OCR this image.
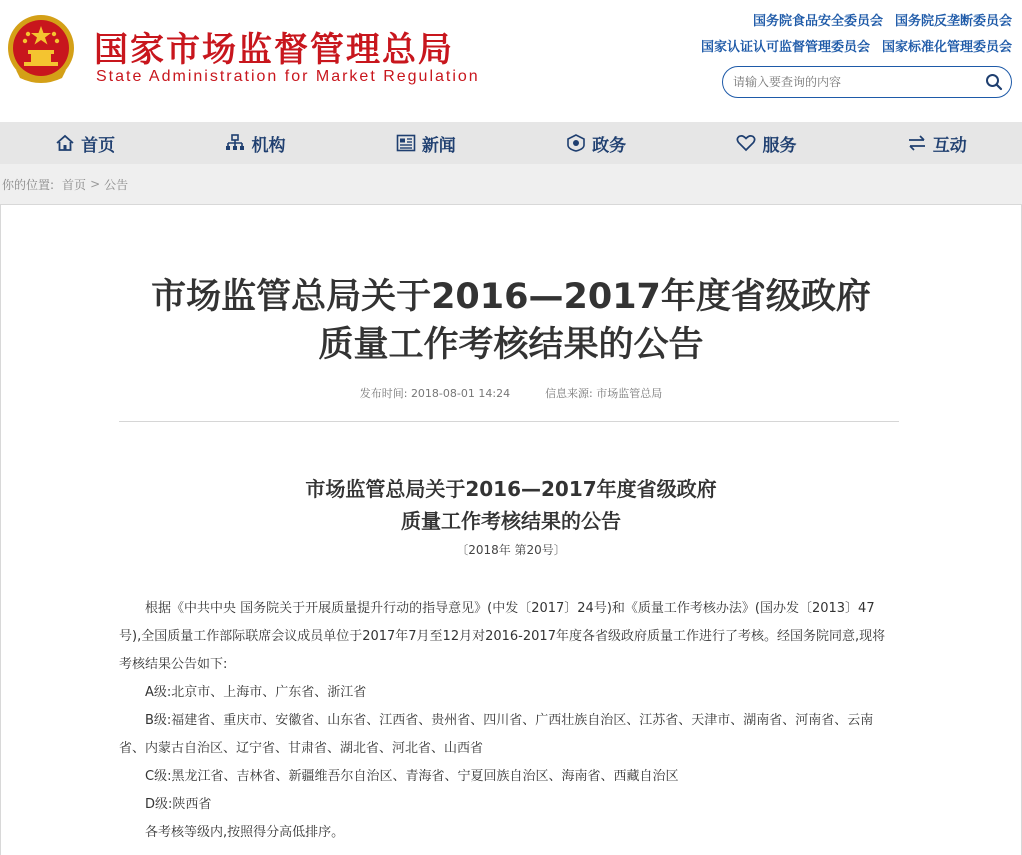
国家市场监督管理总局
State Administration for Market Regulation
国务院食品安全委员会 国务院反垄断委员会
国家认证认可监督管理委员会 国家标准化管理委员会
请输入要查询的内容
首页	机构	新闻	政务	服务	互动
你的位置: 首页 > 公告
市场监管总局关于2016—2017年度省级政府
质量工作考核结果的公告
发布时间: 2018-08-01 14:24	信息来源: 市场监管总局
市场监管总局关于2016—2017年度省级政府
质量工作考核结果的公告
〔2018年 第20号〕

根据《中共中央 国务院关于开展质量提升行动的指导意见》(中发〔2017〕24号)和《质量工作考核办法》(国办发〔2013〕47号),全国质量工作部际联席会议成员单位于2017年7月至12月对2016-2017年度各省级政府质量工作进行了考核。经国务院同意,现将考核结果公告如下:

A级:北京市、上海市、广东省、浙江省

B级:福建省、重庆市、安徽省、山东省、江西省、贵州省、四川省、广西壮族自治区、江苏省、天津市、湖南省、河南省、云南省、内蒙古自治区、辽宁省、甘肃省、湖北省、河北省、山西省

C级:黑龙江省、吉林省、新疆维吾尔自治区、青海省、宁夏回族自治区、海南省、西藏自治区

D级:陕西省

各考核等级内,按照得分高低排序。
